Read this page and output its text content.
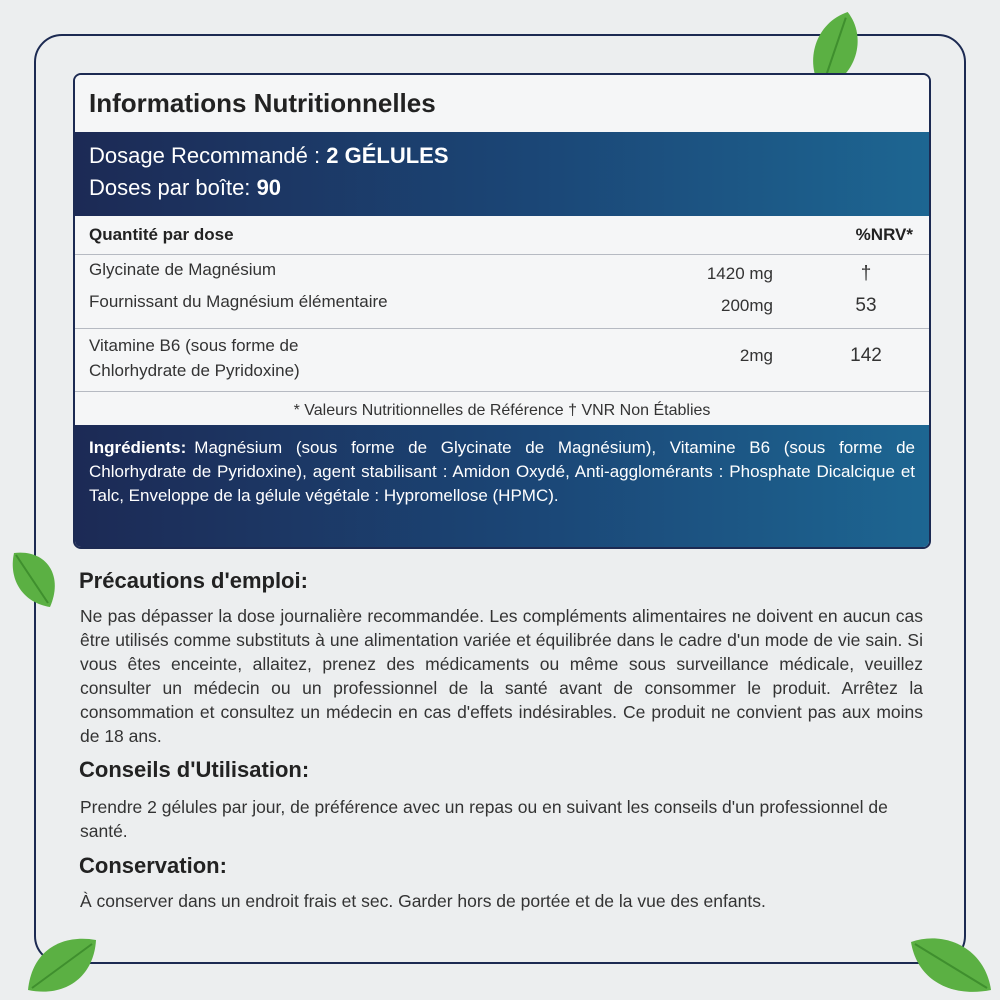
Informations Nutritionnelles
Dosage Recommandé : 2 GÉLULES
Doses par boîte: 90
Quantité par dose	%NRV*
Glycinate de Magnésium	1420 mg	†
Fournissant du Magnésium élémentaire	200mg	53
Vitamine B6 (sous forme de
Chlorhydrate de Pyridoxine)
2mg	142
* Valeurs Nutritionnelles de Référence † VNR Non Établies
Ingrédients: Magnésium (sous forme de Glycinate de Magnésium), Vitamine B6 (sous forme de Chlorhydrate de Pyridoxine), agent stabilisant : Amidon Oxydé, Anti-agglomérants : Phosphate Dicalcique et Talc, Enveloppe de la gélule végétale : Hypromellose (HPMC).
Précautions d'emploi:
Ne pas dépasser la dose journalière recommandée. Les compléments alimentaires ne doivent en aucun cas être utilisés comme substituts à une alimentation variée et équilibrée dans le cadre d'un mode de vie sain. Si vous êtes enceinte, allaitez, prenez des médicaments ou même sous surveillance médicale, veuillez consulter un médecin ou un professionnel de la santé avant de consommer le produit. Arrêtez la consommation et consultez un médecin en cas d'effets indésirables. Ce produit ne convient pas aux moins de 18 ans.
Conseils d'Utilisation:
Prendre 2 gélules par jour, de préférence avec un repas ou en suivant les conseils d'un professionnel de santé.
Conservation:
À conserver dans un endroit frais et sec. Garder hors de portée et de la vue des enfants.
